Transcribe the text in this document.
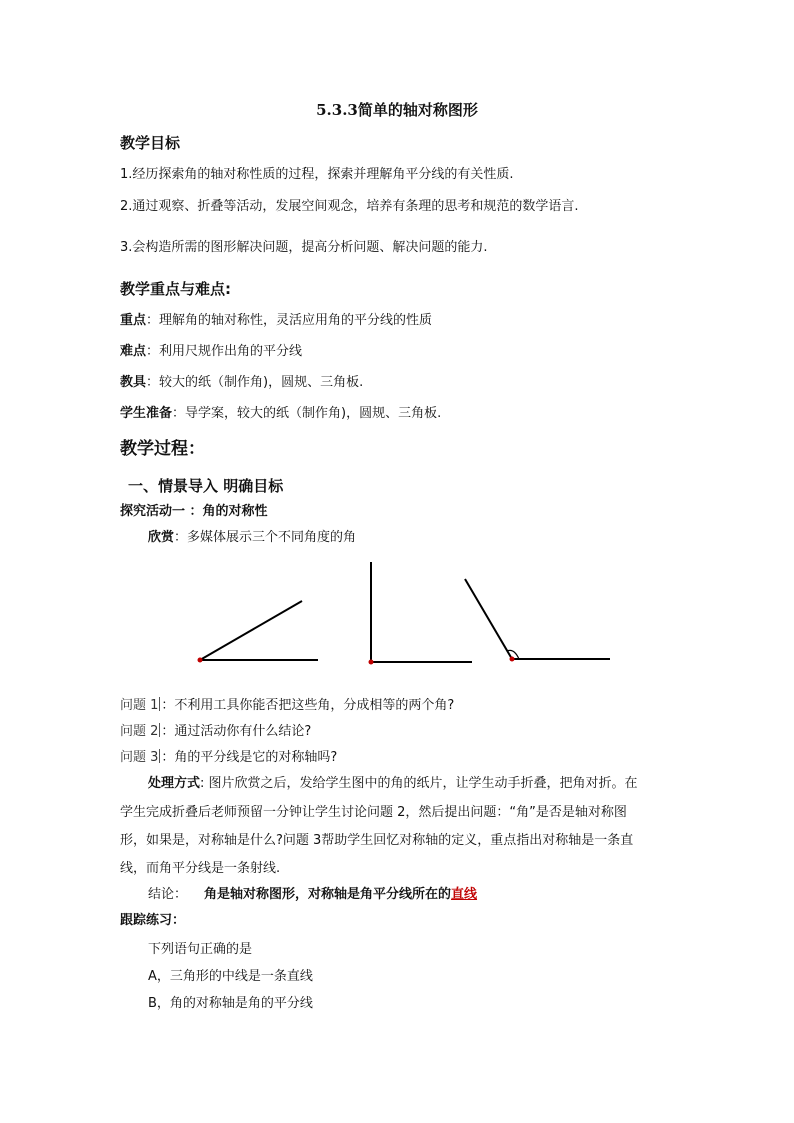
5.3.3简单的轴对称图形
教学目标
1.经历探索角的轴对称性质的过程，探索并理解角平分线的有关性质.
2.通过观察、折叠等活动，发展空间观念，培养有条理的思考和规范的数学语言.
3.会构造所需的图形解决问题，提高分析问题、解决问题的能力.
教学重点与难点:
重点：理解角的轴对称性，灵活应用角的平分线的性质
难点：利用尺规作出角的平分线
教具：较大的纸（制作角)，圆规、三角板.
学生准备：导学案，较大的纸（制作角)，圆规、三角板.
教学过程：
一、情景导入 明确目标
探究活动一 ：角的对称性
欣赏：多媒体展示三个不同角度的角
问题 1 ：不利用工具你能否把这些角，分成相等的两个角?
问题 2 ：通过活动你有什么结论?
问题 3 ：角的平分线是它的对称轴吗?
处理方式: 图片欣赏之后，发给学生图中的角的纸片，让学生动手折叠，把角对折。在
学生完成折叠后老师预留一分钟让学生讨论问题 2，然后提出问题：“角”是否是轴对称图
形，如果是，对称轴是什么?问题 3帮助学生回忆对称轴的定义，重点指出对称轴是一条直
线，而角平分线是一条射线.
结论： 角是轴对称图形，对称轴是角平分线所在的直线
跟踪练习：
下列语句正确的是
A，三角形的中线是一条直线
B，角的对称轴是角的平分线
